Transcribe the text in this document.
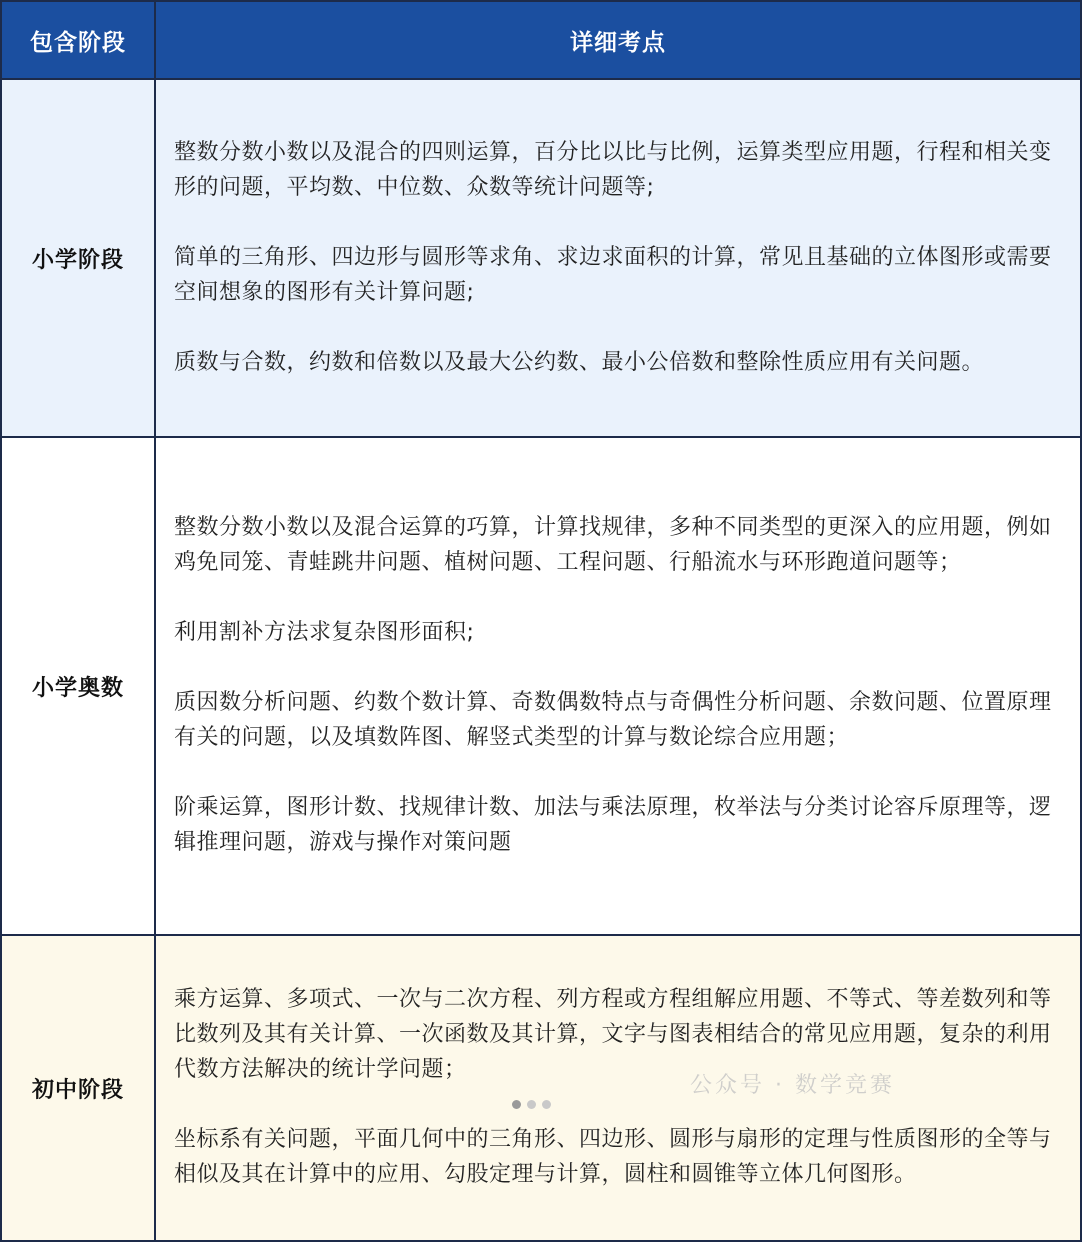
包含阶段	详细考点
小学阶段	整数分数小数以及混合的四则运算，百分比以比与比例，运算类型应用题，行程和相关变形的问题，平均数、中位数、众数等统计问题等;

简单的三角形、四边形与圆形等求角、求边求面积的计算，常见且基础的立体图形或需要空间想象的图形有关计算问题;

质数与合数，约数和倍数以及最大公约数、最小公倍数和整除性质应用有关问题。

小学奥数	整数分数小数以及混合运算的巧算，计算找规律，多种不同类型的更深入的应用题，例如鸡免同笼、青蛙跳井问题、植树问题、工程问题、行船流水与环形跑道问题等；

利用割补方法求复杂图形面积;

质因数分析问题、约数个数计算、奇数偶数特点与奇偶性分析问题、余数问题、位置原理有关的问题，以及填数阵图、解竖式类型的计算与数论综合应用题；

阶乘运算，图形计数、找规律计数、加法与乘法原理，枚举法与分类讨论容斥原理等，逻辑推理问题，游戏与操作对策问题

初中阶段	乘方运算、多项式、一次与二次方程、列方程或方程组解应用题、不等式、等差数列和等比数列及其有关计算、一次函数及其计算，文字与图表相结合的常见应用题，复杂的利用代数方法解决的统计学问题；

坐标系有关问题，平面几何中的三角形、四边形、圆形与扇形的定理与性质图形的全等与相似及其在计算中的应用、勾股定理与计算，圆柱和圆锥等立体几何图形。

公众号 · 数学竞赛
